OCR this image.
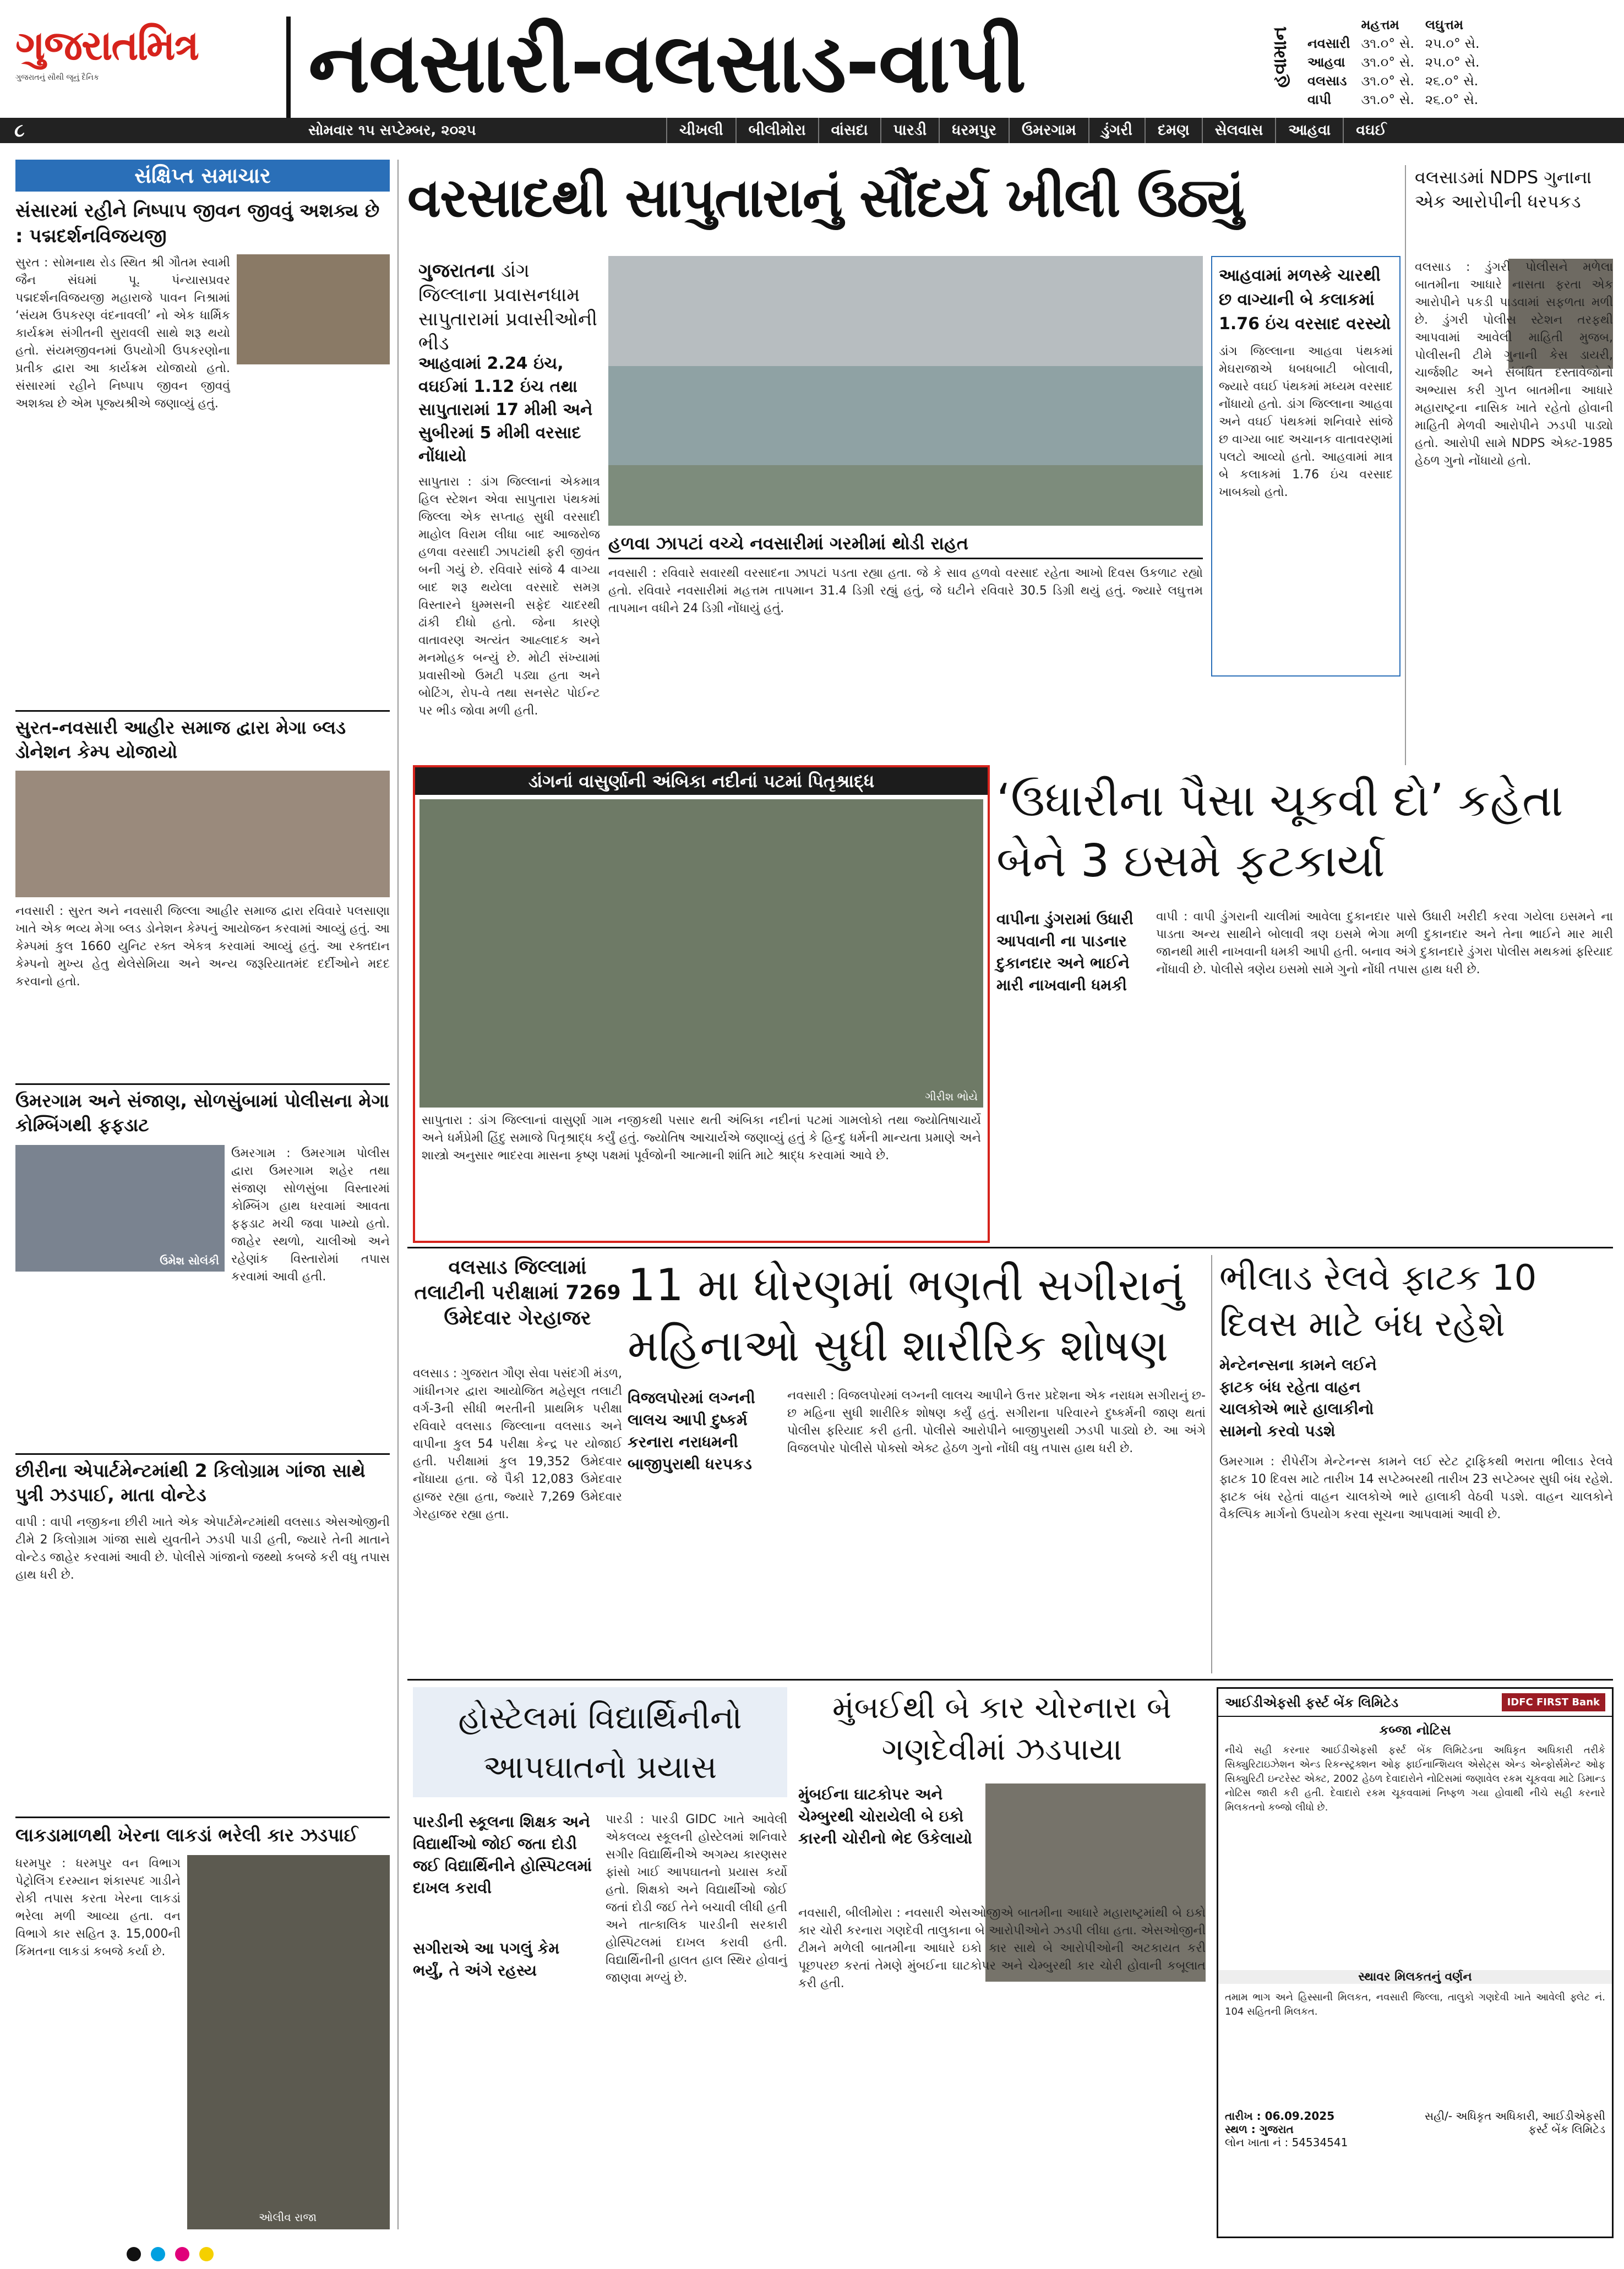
ગુજરાતમિત્ર
ગુજરાતનું સૌથી જૂનું દૈનિક	નવસારી-વલસાડ-વાપી	હવામાન
	મહત્તમ	લઘુત્તમ
નવસારી	૩૧.૦° સે.	૨૫.૦° સે.
આહવા	૩૧.૦° સે.	૨૫.૦° સે.
વલસાડ	૩૧.૦° સે.	૨૬.૦° સે.
વાપી	૩૧.૦° સે.	૨૬.૦° સે.
૮	સોમવાર ૧૫ સપ્ટેમ્બર, ૨૦૨૫	ચીખલી	બીલીમોરા	વાંસદા	પારડી	ધરમપુર	ઉમરગામ	ડુંગરી	દમણ	સેલવાસ	આહવા	વઘઈ
સંક્ષિપ્ત સમાચાર
સંસારમાં રહીને નિષ્પાપ જીવન જીવવું અશક્ય છે : પદ્મદર્શનવિજયજી
સુરત : સોમનાથ રોડ સ્થિત શ્રી ગૌતમ સ્વામી જૈન સંઘમાં પૂ. પંન્યાસપ્રવર પદ્મદર્શનવિજયજી મહારાજે પાવન નિશ્રામાં ‘સંયમ ઉપકરણ વંદનાવલી’ નો એક ધાર્મિક કાર્યક્રમ સંગીતની સુરાવલી સાથે શરૂ થયો હતો. સંયમજીવનમાં ઉપયોગી ઉપકરણોના પ્રતીક દ્વારા આ કાર્યક્રમ યોજાયો હતો. સંસારમાં રહીને નિષ્પાપ જીવન જીવવું અશક્ય છે એમ પૂજ્યશ્રીએ જણાવ્યું હતું.
સુરત-નવસારી આહીર સમાજ દ્વારા મેગા બ્લડ ડોનેશન કેમ્પ યોજાયો
નવસારી : સુરત અને નવસારી જિલ્લા આહીર સમાજ દ્વારા રવિવારે પલસાણા ખાતે એક ભવ્ય મેગા બ્લડ ડોનેશન કેમ્પનું આયોજન કરવામાં આવ્યું હતું. આ કેમ્પમાં કુલ 1660 યુનિટ રક્ત એકત્ર કરવામાં આવ્યું હતું. આ રક્તદાન કેમ્પનો મુખ્ય હેતુ થેલેસેમિયા અને અન્ય જરૂરિયાતમંદ દર્દીઓને મદદ કરવાનો હતો.
ઉમરગામ અને સંજાણ, સોળસુંબામાં પોલીસના મેગા કોમ્બિંગથી ફફડાટ
ઉમેશ સોલંકી
ઉમરગામ : ઉમરગામ પોલીસ દ્વારા ઉમરગામ શહેર તથા સંજાણ સોળસુંબા વિસ્તારમાં કોમ્બિંગ હાથ ધરવામાં આવતા ફફડાટ મચી જવા પામ્યો હતો. જાહેર સ્થળો, ચાલીઓ અને રહેણાંક વિસ્તારોમાં તપાસ કરવામાં આવી હતી.
છીરીના એપાર્ટમેન્ટમાંથી 2 કિલોગ્રામ ગાંજા સાથે પુત્રી ઝડપાઈ, માતા વોન્ટેડ
વાપી : વાપી નજીકના છીરી ખાતે એક એપાર્ટમેન્ટમાંથી વલસાડ એસઓજીની ટીમે 2 કિલોગ્રામ ગાંજા સાથે યુવતીને ઝડપી પાડી હતી, જ્યારે તેની માતાને વોન્ટેડ જાહેર કરવામાં આવી છે. પોલીસે ગાંજાનો જથ્થો કબજે કરી વધુ તપાસ હાથ ધરી છે.
લાકડામાળથી ખેરના લાકડાં ભરેલી કાર ઝડપાઈ
ધરમપુર : ધરમપુર વન વિભાગ પેટ્રોલિંગ દરમ્યાન શંકાસ્પદ ગાડીને રોકી તપાસ કરતા ખેરના લાકડાં ભરેલા મળી આવ્યા હતા. વન વિભાગે કાર સહિત રૂ. 15,000ની કિંમતના લાકડાં કબજે કર્યા છે.
ઓલીવ રાજા
વરસાદથી સાપુતારાનું સૌંદર્ય ખીલી ઉઠ્યું
ગુજરાતના ડાંગ જિલ્લાના પ્રવાસનધામ સાપુતારામાં પ્રવાસીઓની ભીડ
આહવામાં 2.24 ઇંચ, વઘઈમાં 1.12 ઇંચ તથા સાપુતારામાં 17 મીમી અને સુબીરમાં 5 મીમી વરસાદ નોંધાયો
આહવામાં મળસ્કે ચારથી છ વાગ્યાની બે કલાકમાં 1.76 ઇંચ વરસાદ વરસ્યો
ડાંગ જિલ્લાના આહવા પંથકમાં મેઘરાજાએ ધબધબાટી બોલાવી, જ્યારે વઘઈ પંથકમાં મધ્યમ વરસાદ નોંધાયો હતો. ડાંગ જિલ્લાના આહવા અને વઘઈ પંથકમાં શનિવારે સાંજે છ વાગ્યા બાદ અચાનક વાતાવરણમાં પલટો આવ્યો હતો. આહવામાં માત્ર બે કલાકમાં 1.76 ઇંચ વરસાદ ખાબક્યો હતો.
સાપુતારા : ડાંગ જિલ્લાનાં એકમાત્ર હિલ સ્ટેશન એવા સાપુતારા પંથકમાં જિલ્લા એક સપ્તાહ સુધી વરસાદી માહોલ વિરામ લીધા બાદ આજરોજ હળવા વરસાદી ઝાપટાંથી ફરી જીવંત બની ગયું છે. રવિવારે સાંજે 4 વાગ્યા બાદ શરૂ થયેલા વરસાદે સમગ્ર વિસ્તારને ધુમ્મસની સફેદ ચાદરથી ઢાંકી દીધો હતો. જેના કારણે વાતાવરણ અત્યંત આહ્લાદક અને મનમોહક બન્યું છે. મોટી સંખ્યામાં પ્રવાસીઓ ઉમટી પડ્યા હતા અને બોટિંગ, રોપ-વે તથા સનસેટ પોઈન્ટ પર ભીડ જોવા મળી હતી.
હળવા ઝાપટાં વચ્ચે નવસારીમાં ગરમીમાં થોડી રાહત
નવસારી : રવિવારે સવારથી વરસાદના ઝાપટાં પડતા રહ્યા હતા. જે કે સાવ હળવો વરસાદ રહેતા આખો દિવસ ઉકળાટ રહ્યો હતો. રવિવારે નવસારીમાં મહત્તમ તાપમાન 31.4 ડિગ્રી રહ્યું હતું, જે ઘટીને રવિવારે 30.5 ડિગ્રી થયું હતું. જ્યારે લઘુત્તમ તાપમાન વધીને 24 ડિગ્રી નોંધાયું હતું.
વલસાડમાં NDPS ગુનાના એક આરોપીની ધરપકડ
વલસાડ : ડુંગરી પોલીસને મળેલા બાતમીના આધારે નાસતા ફરતા એક આરોપીને પકડી પાડવામાં સફળતા મળી છે. ડુંગરી પોલીસ સ્ટેશન તરફથી આપવામાં આવેલી માહિતી મુજબ, પોલીસની ટીમે ગુનાની કેસ ડાયરી, ચાર્જશીટ અને સંબંધિત દસ્તાવેજોનો અભ્યાસ કરી ગુપ્ત બાતમીના આધારે મહારાષ્ટ્રના નાસિક ખાતે રહેતો હોવાની માહિતી મેળવી આરોપીને ઝડપી પાડ્યો હતો. આરોપી સામે NDPS એક્ટ-1985 હેઠળ ગુનો નોંધાયો હતો.
ડાંગનાં વાસુર્ણાની અંબિકા નદીનાં પટમાં પિતૃશ્રાદ્ધ
ગીરીશ ભોયે
સાપુતારા : ડાંગ જિલ્લાનાં વાસુર્ણા ગામ નજીકથી પસાર થતી અંબિકા નદીનાં પટમાં ગામલોકો તથા જ્યોતિષાચાર્યે અને ધર્મપ્રેમી હિંદુ સમાજે પિતૃશ્રાદ્ધ કર્યું હતું. જ્યોતિષ આચાર્યએ જણાવ્યું હતું કે હિન્દુ ધર્મની માન્યતા પ્રમાણે અને શાસ્ત્રો અનુસાર ભાદરવા માસના કૃષ્ણ પક્ષમાં પૂર્વજોની આત્માની શાંતિ માટે શ્રાદ્ધ કરવામાં આવે છે.
‘ઉધારીના પૈસા ચૂકવી દો’ કહેતા બેને 3 ઇસમે ફટકાર્યા
વાપીના ડુંગરામાં ઉધારી આપવાની ના પાડનાર દુકાનદાર અને ભાઈને મારી નાખવાની ધમકી
વાપી : વાપી ડુંગરાની ચાલીમાં આવેલા દુકાનદાર પાસે ઉધારી ખરીદી કરવા ગયેલા ઇસમને ના પાડતા અન્ય સાથીને બોલાવી ત્રણ ઇસમે ભેગા મળી દુકાનદાર અને તેના ભાઈને માર મારી જાનથી મારી નાખવાની ધમકી આપી હતી. બનાવ અંગે દુકાનદારે ડુંગરા પોલીસ મથકમાં ફરિયાદ નોંધાવી છે. પોલીસે ત્રણેય ઇસમો સામે ગુનો નોંધી તપાસ હાથ ધરી છે.
વલસાડ જિલ્લામાં તલાટીની પરીક્ષામાં 7269 ઉમેદવાર ગેરહાજર
વલસાડ : ગુજરાત ગૌણ સેવા પસંદગી મંડળ, ગાંધીનગર દ્વારા આયોજિત મહેસૂલ તલાટી વર્ગ-3ની સીધી ભરતીની પ્રાથમિક પરીક્ષા રવિવારે વલસાડ જિલ્લાના વલસાડ અને વાપીના કુલ 54 પરીક્ષા કેન્દ્ર પર યોજાઈ હતી. પરીક્ષામાં કુલ 19,352 ઉમેદવાર નોંધાયા હતા. જે પૈકી 12,083 ઉમેદવાર હાજર રહ્યા હતા, જ્યારે 7,269 ઉમેદવાર ગેરહાજર રહ્યા હતા.
11 મા ધોરણમાં ભણતી સગીરાનું મહિનાઓ સુધી શારીરિક શોષણ
વિજલપોરમાં લગ્નની લાલચ આપી દુષ્કર્મ કરનારા નરાધમની બાજીપુરાથી ધરપકડ
નવસારી : વિજલપોરમાં લગ્નની લાલચ આપીને ઉત્તર પ્રદેશના એક નરાધમ સગીરાનું છ-છ મહિના સુધી શારીરિક શોષણ કર્યું હતું. સગીરાના પરિવારને દુષ્કર્મની જાણ થતાં પોલીસ ફરિયાદ કરી હતી. પોલીસે આરોપીને બાજીપુરાથી ઝડપી પાડ્યો છે. આ અંગે વિજલપોર પોલીસે પોક્સો એક્ટ હેઠળ ગુનો નોંધી વધુ તપાસ હાથ ધરી છે.
ભીલાડ રેલવે ફાટક 10 દિવસ માટે બંધ રહેશે
મેન્ટેનન્સના કામને લઈને ફાટક બંધ રહેતા વાહન ચાલકોએ ભારે હાલાકીનો સામનો કરવો પડશે
ઉમરગામ : રીપેરીંગ મેન્ટેનન્સ કામને લઈ સ્ટેટ ટ્રાફિકથી ભરાતા ભીલાડ રેલવે ફાટક 10 દિવસ માટે તારીખ 14 સપ્ટેમ્બરથી તારીખ 23 સપ્ટેમ્બર સુધી બંધ રહેશે. ફાટક બંધ રહેતાં વાહન ચાલકોએ ભારે હાલાકી વેઠવી પડશે. વાહન ચાલકોને વૈકલ્પિક માર્ગનો ઉપયોગ કરવા સૂચના આપવામાં આવી છે.
હોસ્ટેલમાં વિદ્યાર્થિનીનો આપઘાતનો પ્રયાસ
પારડીની સ્કૂલના શિક્ષક અને વિદ્યાર્થીઓ જોઈ જતા દોડી જઈ વિદ્યાર્થિનીને હોસ્પિટલમાં દાખલ કરાવી
સગીરાએ આ પગલું કેમ ભર્યું, તે અંગે રહસ્ય
પારડી : પારડી GIDC ખાતે આવેલી એકલવ્ય સ્કૂલની હોસ્ટેલમાં શનિવારે સગીર વિદ્યાર્થિનીએ અગમ્ય કારણસર ફાંસો ખાઈ આપઘાતનો પ્રયાસ કર્યો હતો. શિક્ષકો અને વિદ્યાર્થીઓ જોઈ જતાં દોડી જઈ તેને બચાવી લીધી હતી અને તાત્કાલિક પારડીની સરકારી હોસ્પિટલમાં દાખલ કરાવી હતી. વિદ્યાર્થિનીની હાલત હાલ સ્થિર હોવાનું જાણવા મળ્યું છે.
મુંબઈથી બે કાર ચોરનારા બે ગણદેવીમાં ઝડપાયા
મુંબઈના ઘાટકોપર અને ચેમ્બુરથી ચોરાયેલી બે ઇકો કારની ચોરીનો ભેદ ઉકેલાયો
નવસારી, બીલીમોરા : નવસારી એસઓજીએ બાતમીના આધારે મહારાષ્ટ્રમાંથી બે ઇકો કાર ચોરી કરનારા ગણદેવી તાલુકાના બે આરોપીઓને ઝડપી લીધા હતા. એસઓજીની ટીમને મળેલી બાતમીના આધારે ઇકો કાર સાથે બે આરોપીઓની અટકાયત કરી પૂછપરછ કરતાં તેમણે મુંબઈના ઘાટકોપર અને ચેમ્બુરથી કાર ચોરી હોવાની કબૂલાત કરી હતી.
આઈડીએફસી ફર્સ્ટ બેંક લિમિટેડ	IDFC FIRST Bank
કબ્જા નોટિસ
નીચે સહી કરનાર આઈડીએફસી ફર્સ્ટ બેંક લિમિટેડના અધિકૃત અધિકારી તરીકે સિક્યુરિટાઇઝેશન એન્ડ રિકન્સ્ટ્રક્શન ઓફ ફાઈનાન્શિયલ એસેટ્સ એન્ડ એન્ફોર્સમેન્ટ ઓફ સિક્યુરિટી ઇન્ટરેસ્ટ એક્ટ, 2002 હેઠળ દેવાદારોને નોટિસમાં જણાવેલ રકમ ચૂકવવા માટે ડિમાન્ડ નોટિસ જારી કરી હતી. દેવાદારો રકમ ચૂકવવામાં નિષ્ફળ ગયા હોવાથી નીચે સહી કરનારે મિલકતનો કબ્જો લીધો છે.
સ્થાવર મિલકતનું વર્ણન
તમામ ભાગ અને હિસ્સાની મિલકત, નવસારી જિલ્લા, તાલુકો ગણદેવી ખાતે આવેલી ફ્લેટ નં. 104 સહિતની મિલકત.
તારીખ : 06.09.2025
સ્થળ : ગુજરાત
લોન ખાતા નં : 54534541
સહી/- અધિકૃત અધિકારી, આઈડીએફસી ફર્સ્ટ બેંક લિમિટેડ
